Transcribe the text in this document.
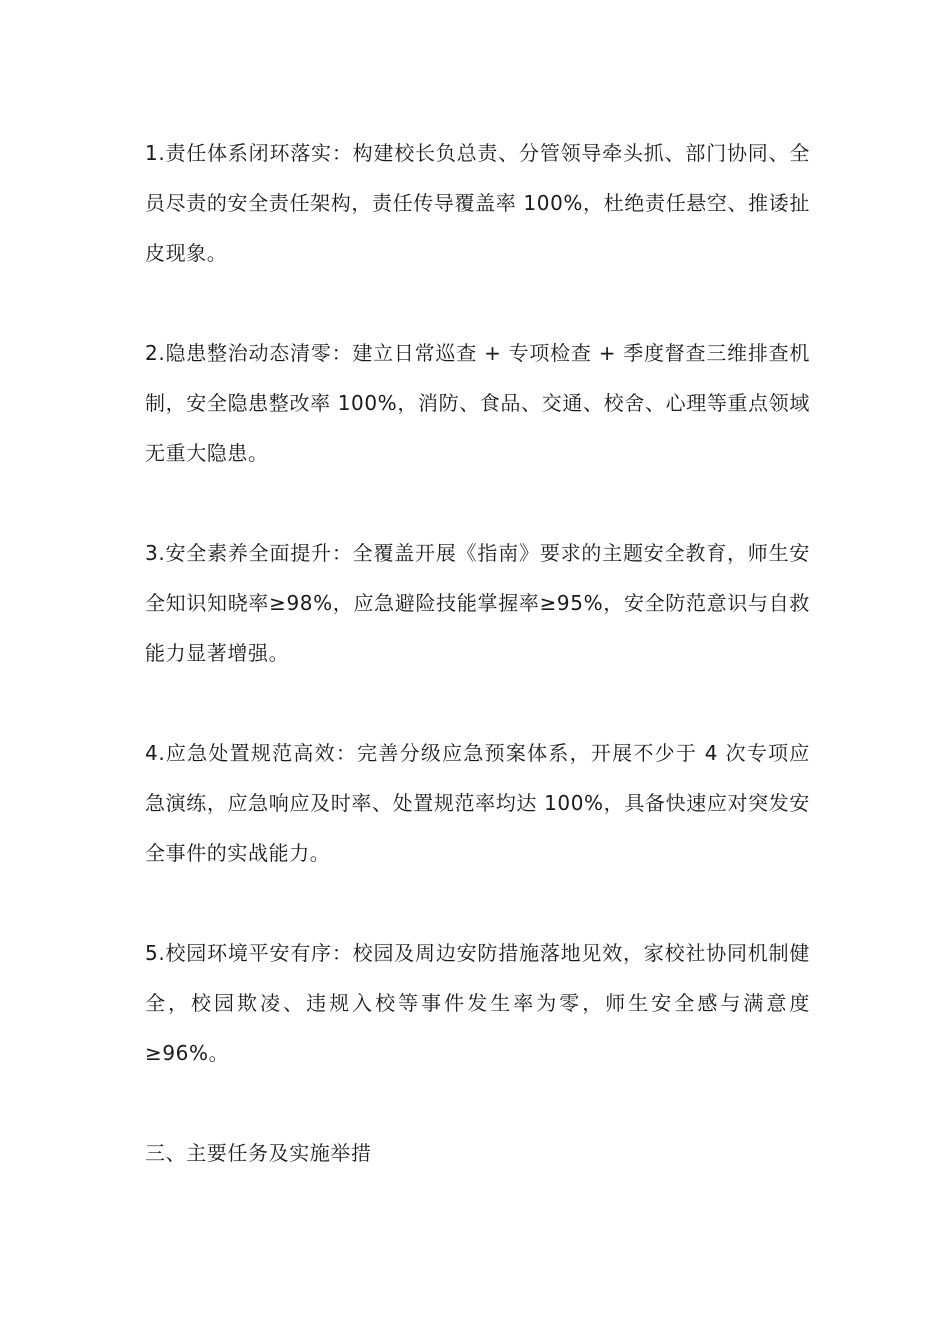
1.责任体系闭环落实：构建校长负总责、分管领导牵头抓、部门协同、全员尽责的安全责任架构，责任传导覆盖率 100%，杜绝责任悬空、推诿扯皮现象。

2.隐患整治动态清零：建立日常巡查 + 专项检查 + 季度督查三维排查机制，安全隐患整改率 100%，消防、食品、交通、校舍、心理等重点领域无重大隐患。

3.安全素养全面提升：全覆盖开展《指南》要求的主题安全教育，师生安全知识知晓率≥98%，应急避险技能掌握率≥95%，安全防范意识与自救能力显著增强。

4.应急处置规范高效：完善分级应急预案体系，开展不少于 4 次专项应急演练，应急响应及时率、处置规范率均达 100%，具备快速应对突发安全事件的实战能力。

5.校园环境平安有序：校园及周边安防措施落地见效，家校社协同机制健全，校园欺凌、违规入校等事件发生率为零，师生安全感与满意度≥96%。

三、主要任务及实施举措
